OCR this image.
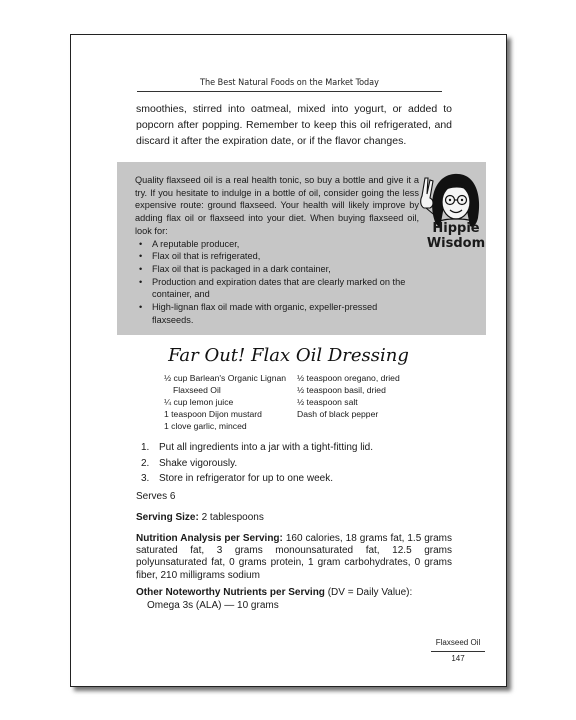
The Best Natural Foods on the Market Today
smoothies, stirred into oatmeal, mixed into yogurt, or added to popcorn after popping. Remember to keep this oil refrigerated, and discard it after the expiration date, or if the flavor changes.
Quality flaxseed oil is a real health tonic, so buy a bottle and give it a try. If you hesitate to indulge in a bottle of oil, consider going the less expensive route: ground flaxseed. Your health will likely improve by adding flax oil or flaxseed into your diet. When buying flaxseed oil, look for:
• A reputable producer,
• Flax oil that is refrigerated,
• Flax oil that is packaged in a dark container,
• Production and expiration dates that are clearly marked on the container, and
• High-lignan flax oil made with organic, expeller-pressed flaxseeds.
Hippie
Wisdom
Far Out! Flax Oil Dressing
½ cup Barlean's Organic Lignan
Flaxseed Oil
¼ cup lemon juice
1 teaspoon Dijon mustard
1 clove garlic, minced
½ teaspoon oregano, dried
½ teaspoon basil, dried
½ teaspoon salt
Dash of black pepper
1. Put all ingredients into a jar with a tight-fitting lid.
2. Shake vigorously.
3. Store in refrigerator for up to one week.
Serves 6
Serving Size: 2 tablespoons
Nutrition Analysis per Serving: 160 calories, 18 grams fat, 1.5 grams saturated fat, 3 grams monounsaturated fat, 12.5 grams polyunsaturated fat, 0 grams protein, 1 gram carbohydrates, 0 grams fiber, 210 milligrams sodium
Other Noteworthy Nutrients per Serving (DV = Daily Value):
Omega 3s (ALA) — 10 grams
Flaxseed Oil
147
